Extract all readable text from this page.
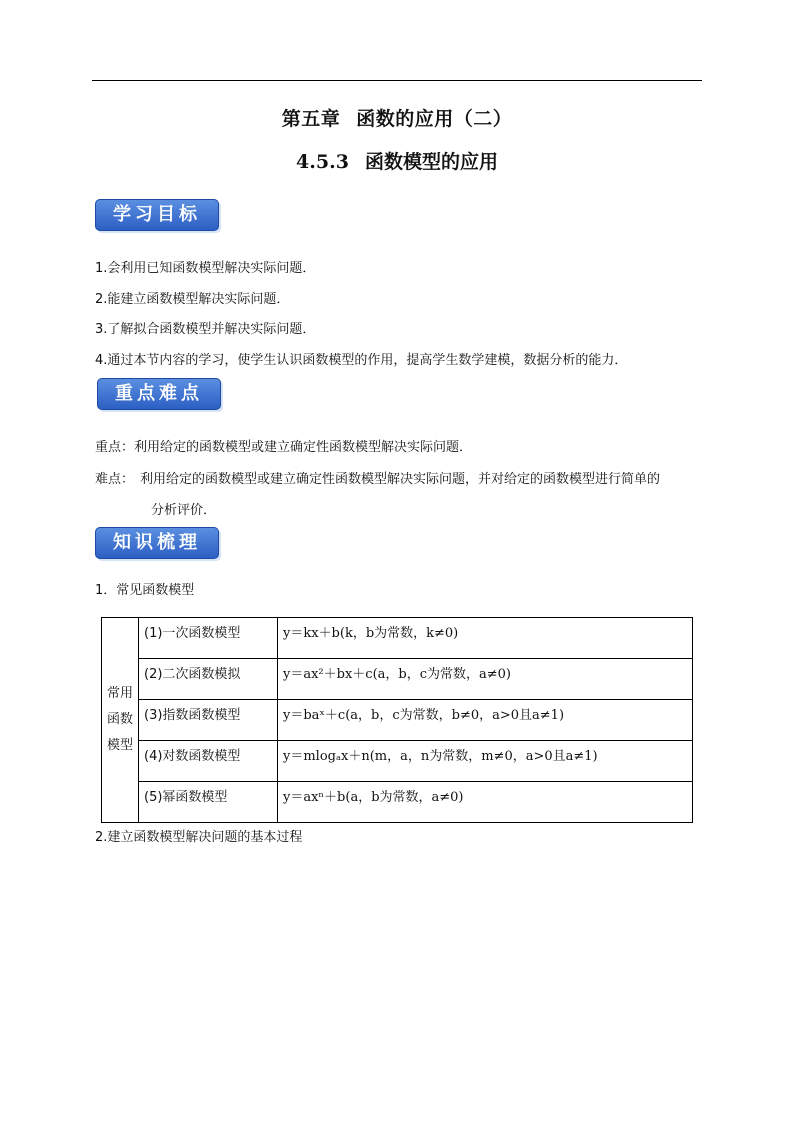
第五章 函数的应用（二）
4.5.3 函数模型的应用
学习目标
1.会利用已知函数模型解决实际问题．
2.能建立函数模型解决实际问题．
3.了解拟合函数模型并解决实际问题．
4.通过本节内容的学习，使学生认识函数模型的作用，提高学生数学建模，数据分析的能力．
重点难点
重点：利用给定的函数模型或建立确定性函数模型解决实际问题．
难点： 利用给定的函数模型或建立确定性函数模型解决实际问题，并对给定的函数模型进行简单的
分析评价．
知识梳理
1．常见函数模型
常用函数模型	(1)一次函数模型	y＝kx＋b(k，b为常数，k≠0)
	(2)二次函数模拟	y＝ax²＋bx＋c(a，b，c为常数，a≠0)
	(3)指数函数模型	y＝baˣ＋c(a，b，c为常数，b≠0，a>0且a≠1)
	(4)对数函数模型	y＝mlogₐx＋n(m，a，n为常数，m≠0，a>0且a≠1)
	(5)幂函数模型	y＝axⁿ＋b(a，b为常数，a≠0)
2.建立函数模型解决问题的基本过程
